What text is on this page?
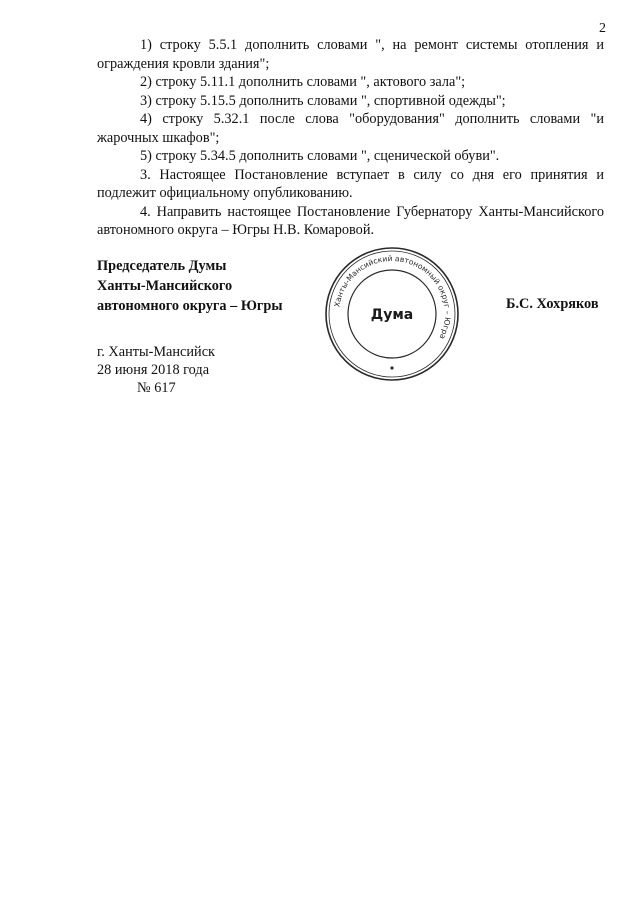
2

1) строку 5.5.1 дополнить словами ", на ремонт системы отопления и ограждения кровли здания";

2) строку 5.11.1 дополнить словами ", актового зала";

3) строку 5.15.5 дополнить словами ", спортивной одежды";

4) строку 5.32.1 после слова "оборудования" дополнить словами "и жарочных шкафов";

5) строку 5.34.5 дополнить словами ", сценической обуви".

3. Настоящее Постановление вступает в силу со дня его принятия и подлежит официальному опубликованию.

4. Направить настоящее Постановление Губернатору Ханты-Мансийского автономного округа – Югры Н.В. Комаровой.

Председатель Думы
Ханты-Мансийского
автономного округа – Югры	Б.С. Хохряков
г. Ханты-Мансийск
28 июня 2018 года
№ 617
Ханты-Мансийский автономный округ – Югра
Дума
